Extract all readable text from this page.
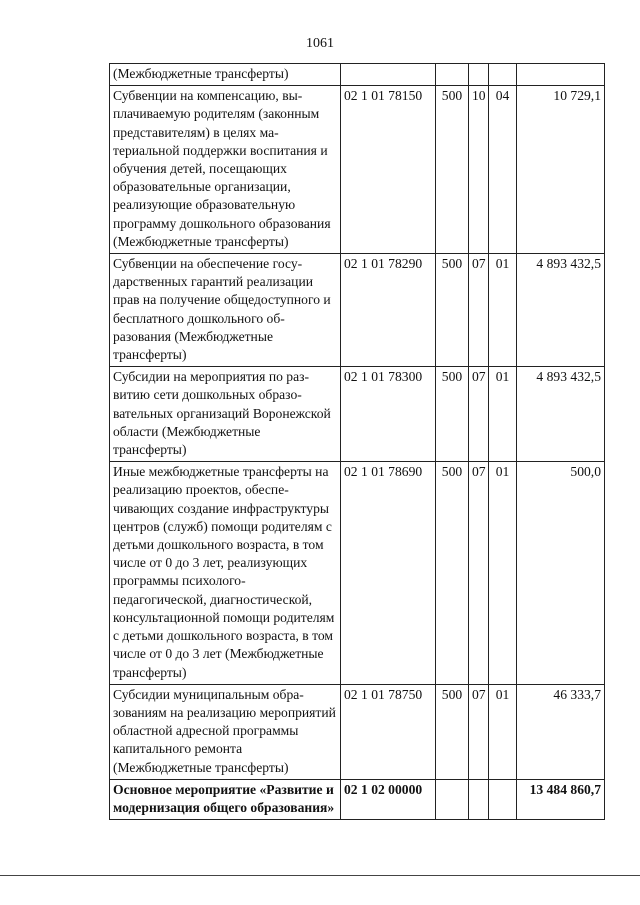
1061
(Межбюджетные трансферты)					
Субвенции на компенсацию, выплачиваемую родителям (законным представителям) в целях материальной поддержки воспитания и обучения детей, посещающих образовательные организации, реализующие образовательную программу дошкольного образования (Межбюджетные трансферты)	02 1 01 78150	500	10	04	10 729,1
Субвенции на обеспечение государственных гарантий реализации прав на получение общедоступного и бесплатного дошкольного образования (Межбюджетные трансферты)	02 1 01 78290	500	07	01	4 893 432,5
Субсидии на мероприятия по развитию сети дошкольных образовательных организаций Воронежской области (Межбюджетные трансферты)	02 1 01 78300	500	07	01	4 893 432,5
Иные межбюджетные трансферты на реализацию проектов, обеспечивающих создание инфраструктуры центров (служб) помощи родителям с детьми дошкольного возраста, в том числе от 0 до 3 лет, реализующих программы психолого-педагогической, диагностической, консультационной помощи родителям с детьми дошкольного возраста, в том числе от 0 до 3 лет (Межбюджетные трансферты)	02 1 01 78690	500	07	01	500,0
Субсидии муниципальным образованиям на реализацию мероприятий областной адресной программы капитального ремонта (Межбюджетные трансферты)	02 1 01 78750	500	07	01	46 333,7
Основное мероприятие «Развитие и модернизация общего образования»	02 1 02 00000				13 484 860,7
